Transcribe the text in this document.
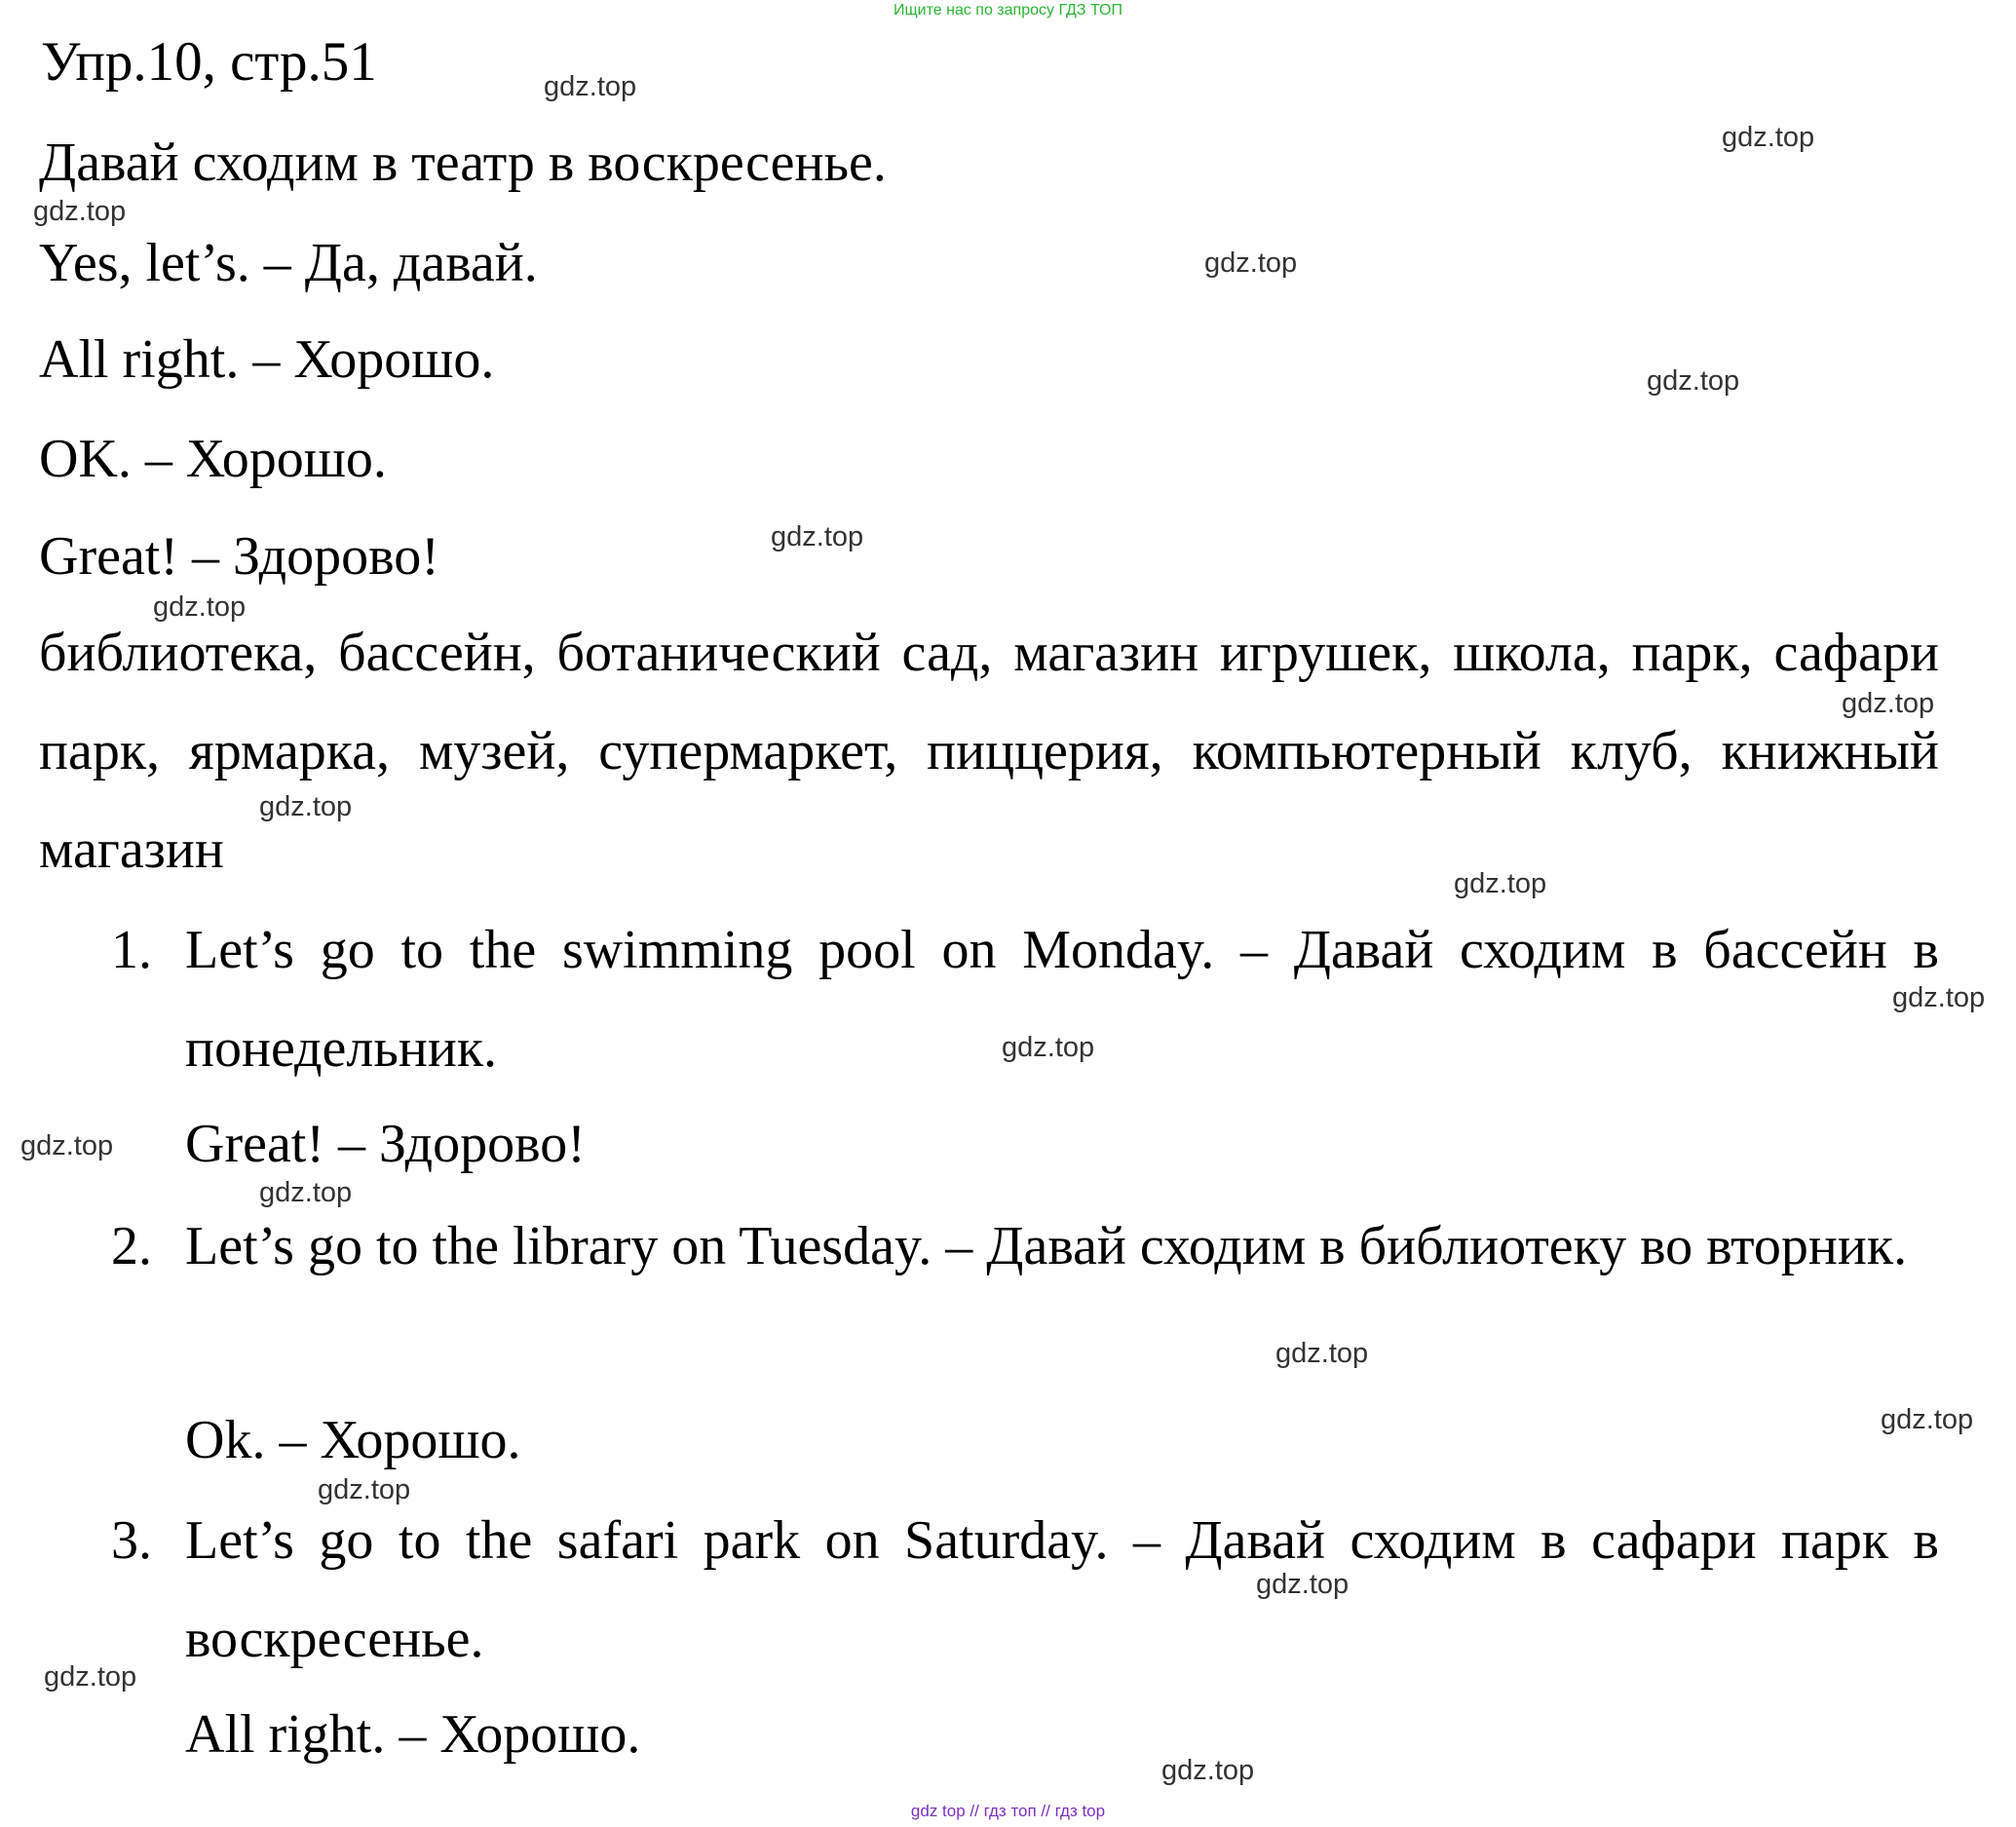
Ищите нас по запросу ГДЗ ТОП
Упр.10, стр.51
Давай сходим в театр в воскресенье.
Yes, let’s. – Да, давай.
All right. – Хорошо.
OK. – Хорошо.
Great! – Здорово!
библиотека, бассейн, ботанический сад, магазин игрушек, школа, парк, сафари парк, ярмарка, музей, супермаркет, пиццерия, компьютерный клуб, книжный магазин
1. Let’s go to the swimming pool on Monday. – Давай сходим в бассейн в понедельник.
Great! – Здорово!
2. Let’s go to the library on Tuesday. – Давай сходим в библиотеку во вторник.
Ok. – Хорошо.
3. Let’s go to the safari park on Saturday. – Давай сходим в сафари парк в воскресенье.
All right. – Хорошо.
gdz.top
gdz.top
gdz.top
gdz.top
gdz.top
gdz.top
gdz.top
gdz.top
gdz.top
gdz.top
gdz.top
gdz.top
gdz.top
gdz.top
gdz.top
gdz.top
gdz.top
gdz.top
gdz.top
gdz.top
gdz top // гдз топ // гдз top
